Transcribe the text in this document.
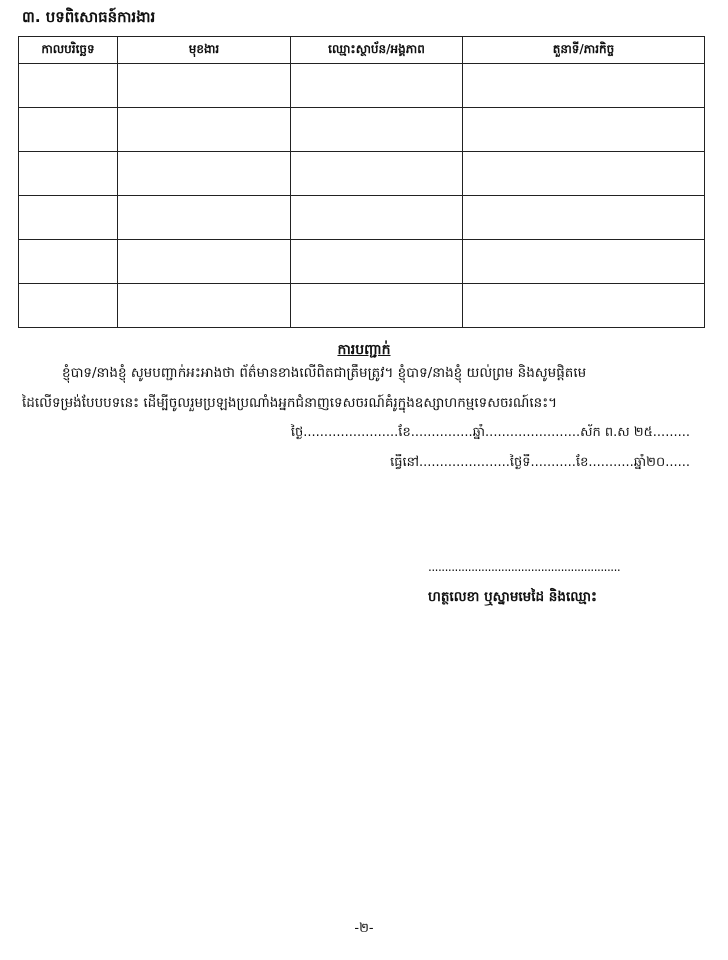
៣. បទពិសោធន៍ការងារ
កាលបរិច្ឆេទ	មុខងារ	ឈ្មោះស្ថាប័ន/អង្គភាព	តួនាទី/ភារកិច្ច

ការបញ្ជាក់
ខ្ញុំបាទ/នាងខ្ញុំ សូមបញ្ជាក់អះអាងថា ព័ត៌មានខាងលើពិតជាត្រឹមត្រូវ។ ខ្ញុំបាទ/នាងខ្ញុំ យល់ព្រម និងសូមផ្តិតមេ
ដៃលើទម្រង់បែបបទនេះ ដើម្បីចូលរួមប្រឡងប្រណាំងអ្នកជំនាញទេសចរណ៍គំរូក្នុងឧស្សាហកម្មទេសចរណ៍នេះ។
ថ្ងៃ.......................ខែ...............ឆ្នាំ.......................ស័ក ព.ស ២៥.........
ធ្វើនៅ......................ថ្ងៃទី...........ខែ...........ឆ្នាំ២០......
..........................................................
ហត្ថលេខា ឬស្នាមមេដៃ និងឈ្មោះ
-២-
